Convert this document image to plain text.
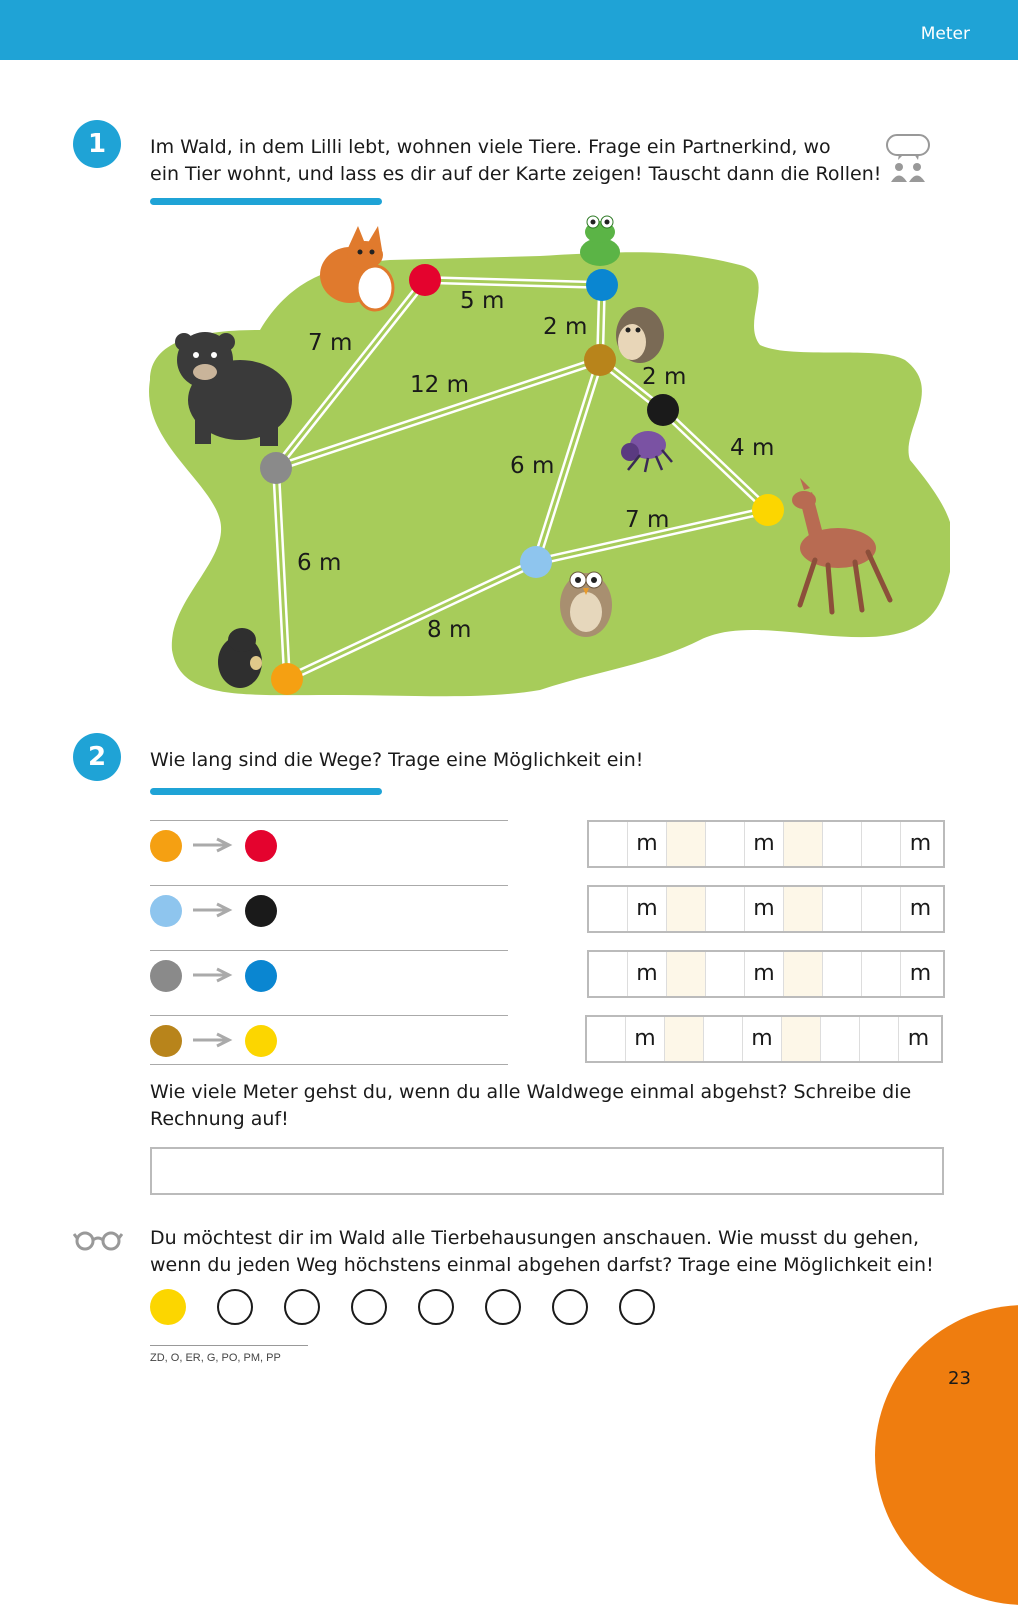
Meter
1	Im Wald, in dem Lilli lebt, wohnen viele Tiere. Frage ein Partnerkind, wo
ein Tier wohnt, und lass es dir auf der Karte zeigen! Tauscht dann die Rollen!
5 m
7 m
2 m
12 m	2 m
4 m
6 m
7 m
6 m
8 m
2	Wie lang sind die Wege? Trage eine Möglichkeit ein!
m	m	m
m	m	m
m	m	m
m	m	m
Wie viele Meter gehst du, wenn du alle Waldwege einmal abgehst? Schreibe die
Rechnung auf!
Du möchtest dir im Wald alle Tierbehausungen anschauen. Wie musst du gehen,
wenn du jeden Weg höchstens einmal abgehen darfst? Trage eine Möglichkeit ein!
ZD, O, ER, G, PO, PM, PP
23
